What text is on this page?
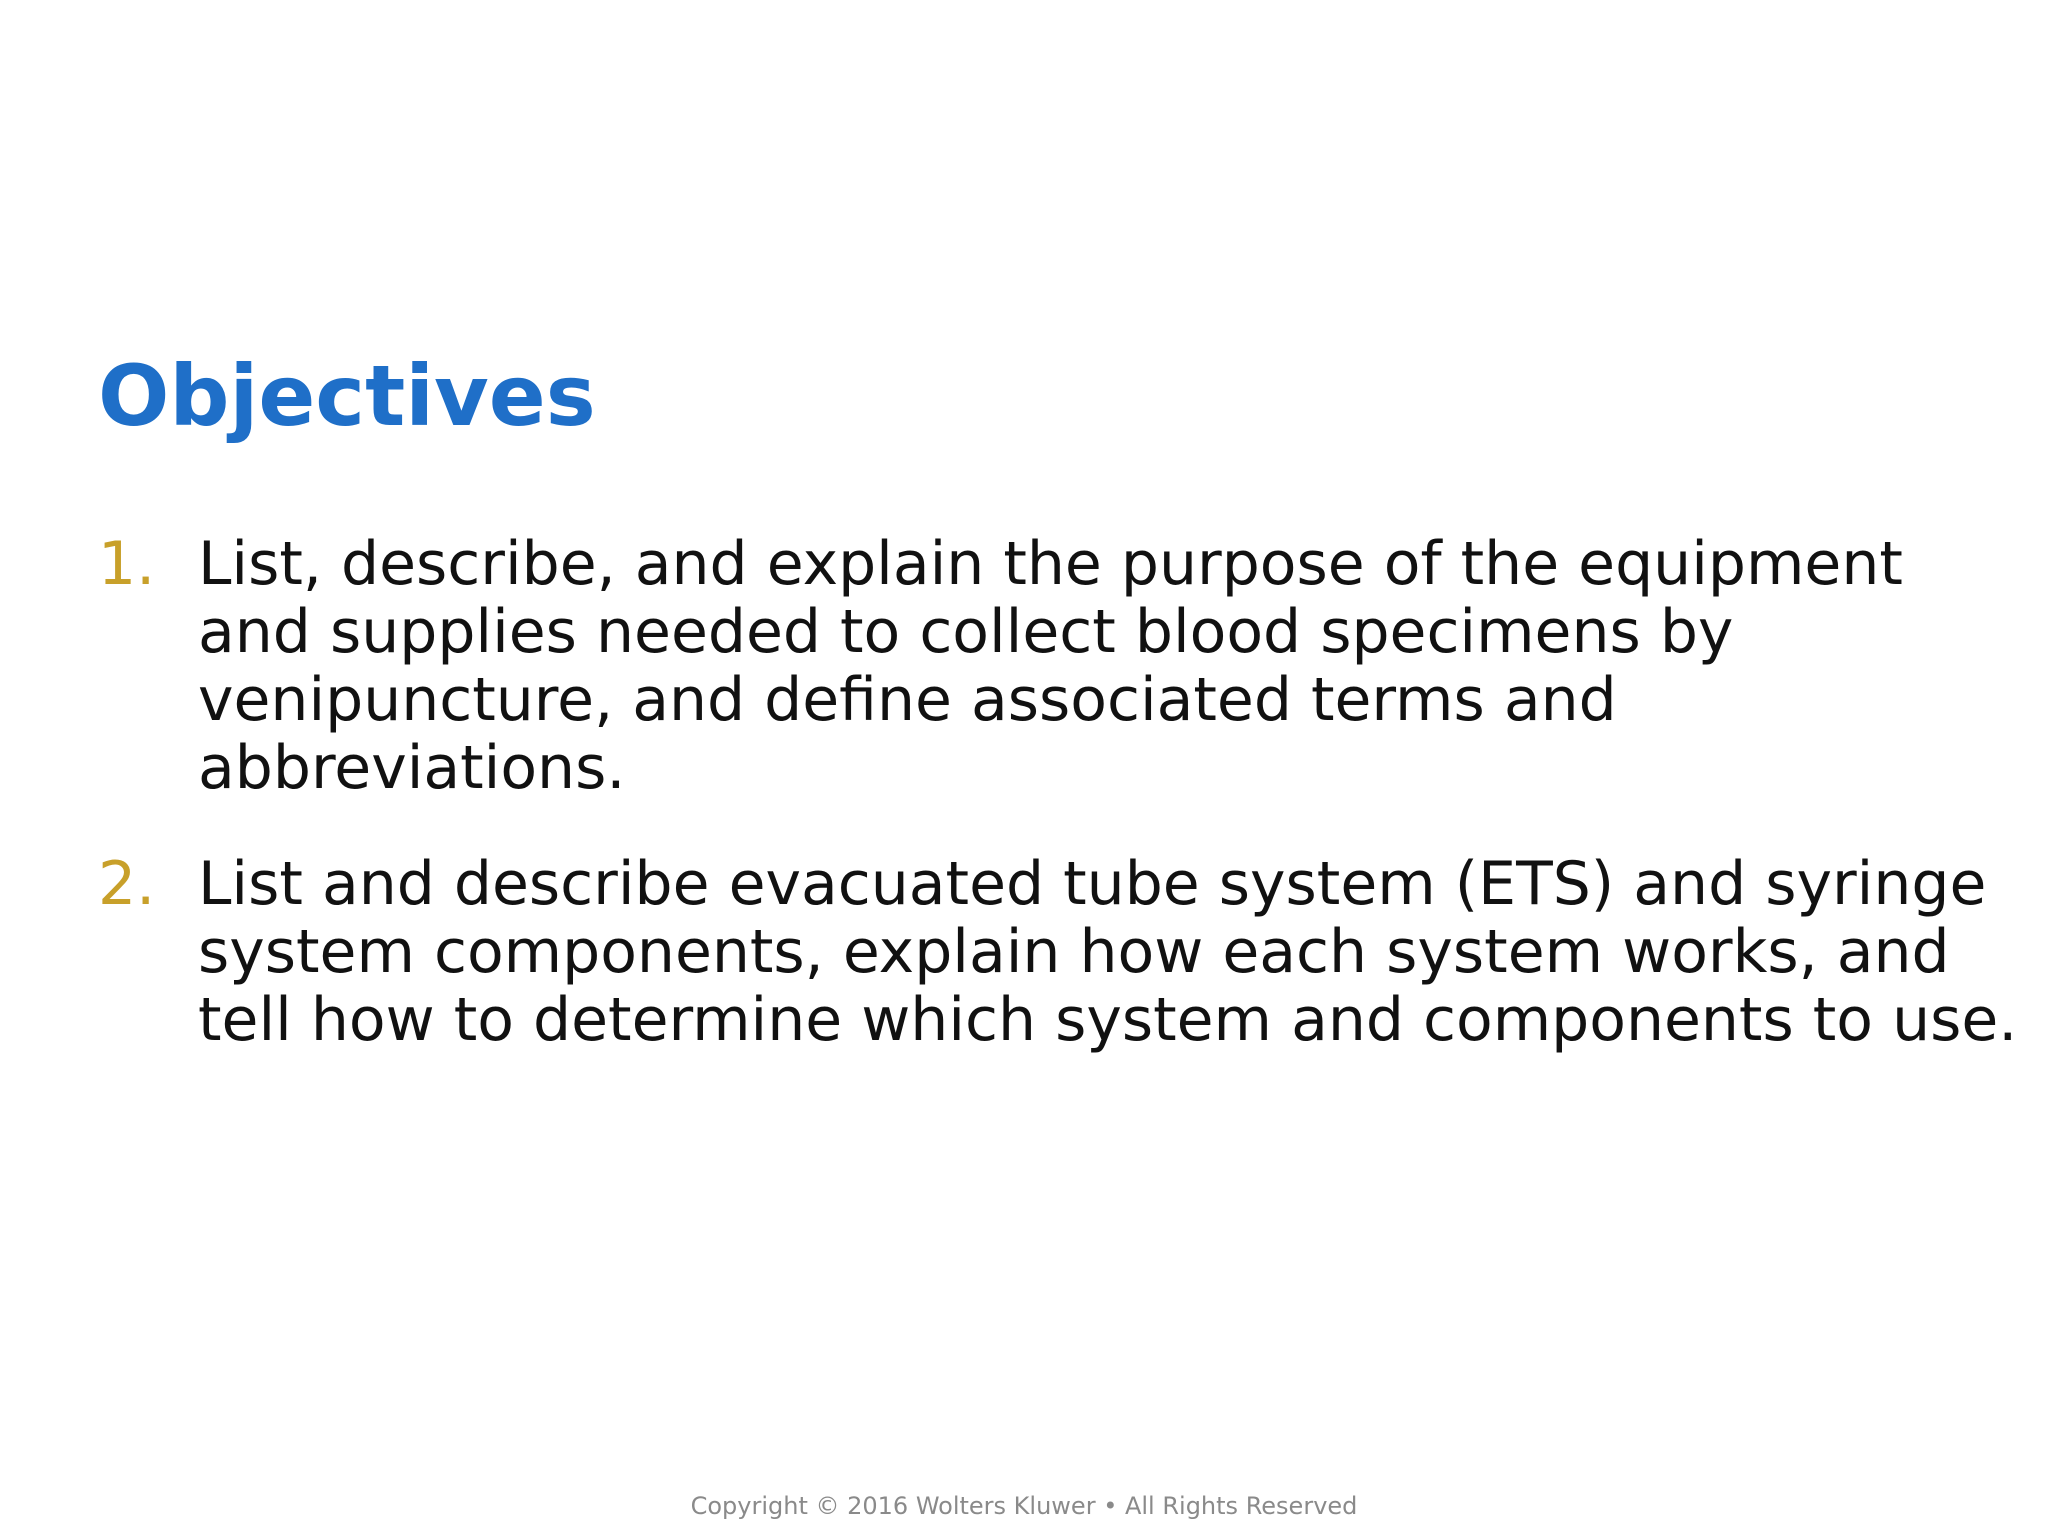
Objectives
1. List, describe, and explain the purpose of the equipment and supplies needed to collect blood specimens by venipuncture, and define associated terms and abbreviations.
2. List and describe evacuated tube system (ETS) and syringe system components, explain how each system works, and tell how to determine which system and components to use.
Copyright © 2016 Wolters Kluwer • All Rights Reserved
